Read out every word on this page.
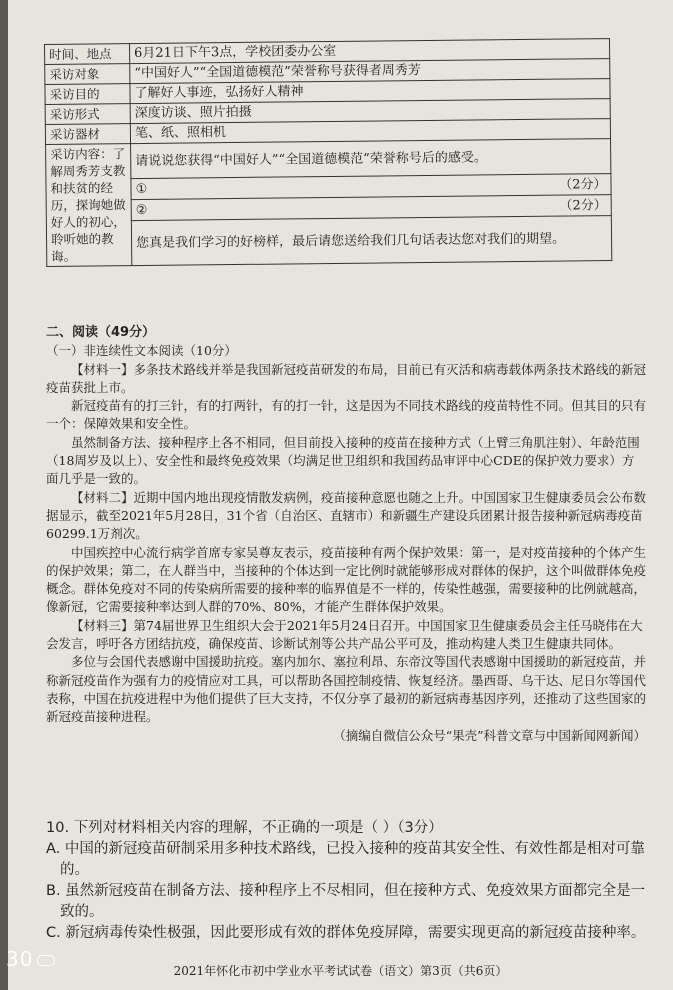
时间、地点	6月21日下午3点，学校团委办公室	
采访对象	“中国好人”“全国道德模范”荣誉称号获得者周秀芳	
采访目的	了解好人事迹，弘扬好人精神	
采访形式	深度访谈、照片拍摄	
采访器材	笔、纸、照相机	
采访内容：了解周秀芳支教和扶贫的经历，探询她做好人的初心，聆听她的教诲。	请说说您获得“中国好人”“全国道德模范”荣誉称号后的感受。	
	①	（2分）
	②	（2分）
	您真是我们学习的好榜样，最后请您送给我们几句话表达您对我们的期望。	

二、阅读（49分）

（一）非连续性文本阅读（10分）

【材料一】多条技术路线并举是我国新冠疫苗研发的布局，目前已有灭活和病毒载体两条技术路线的新冠疫苗获批上市。

新冠疫苗有的打三针，有的打两针，有的打一针，这是因为不同技术路线的疫苗特性不同。但其目的只有一个：保障效果和安全性。

虽然制备方法、接种程序上各不相同，但目前投入接种的疫苗在接种方式（上臂三角肌注射）、年龄范围（18周岁及以上）、安全性和最终免疫效果（均满足世卫组织和我国药品审评中心CDE的保护效力要求）方面几乎是一致的。

【材料二】近期中国内地出现疫情散发病例，疫苗接种意愿也随之上升。中国国家卫生健康委员会公布数据显示，截至2021年5月28日，31个省（自治区、直辖市）和新疆生产建设兵团累计报告接种新冠病毒疫苗60299.1万剂次。

中国疾控中心流行病学首席专家吴尊友表示，疫苗接种有两个保护效果：第一，是对疫苗接种的个体产生的保护效果；第二，在人群当中，当接种的个体达到一定比例时就能够形成对群体的保护，这个叫做群体免疫概念。群体免疫对不同的传染病所需要的接种率的临界值是不一样的，传染性越强，需要接种的比例就越高，像新冠，它需要接种率达到人群的70%、80%，才能产生群体保护效果。

【材料三】第74届世界卫生组织大会于2021年5月24日召开。中国国家卫生健康委员会主任马晓伟在大会发言，呼吁各方团结抗疫，确保疫苗、诊断试剂等公共产品公平可及，推动构建人类卫生健康共同体。

多位与会国代表感谢中国援助抗疫。塞内加尔、塞拉利昂、东帝汶等国代表感谢中国援助的新冠疫苗，并称新冠疫苗作为强有力的疫情应对工具，可以帮助各国控制疫情、恢复经济。墨西哥、乌干达、尼日尔等国代表称，中国在抗疫进程中为他们提供了巨大支持，不仅分享了最初的新冠病毒基因序列，还推动了这些国家的新冠疫苗接种进程。

（摘编自微信公众号“果壳”科普文章与中国新闻网新闻）

10. 下列对材料相关内容的理解，不正确的一项是（ ）（3分）

A. 中国的新冠疫苗研制采用多种技术路线，已投入接种的疫苗其安全性、有效性都是相对可靠的。

B. 虽然新冠疫苗在制备方法、接种程序上不尽相同，但在接种方式、免疫效果方面都完全是一致的。

C. 新冠病毒传染性极强，因此要形成有效的群体免疫屏障，需要实现更高的新冠疫苗接种率。

2021年怀化市初中学业水平考试试卷（语文）第3页（共6页）
30
